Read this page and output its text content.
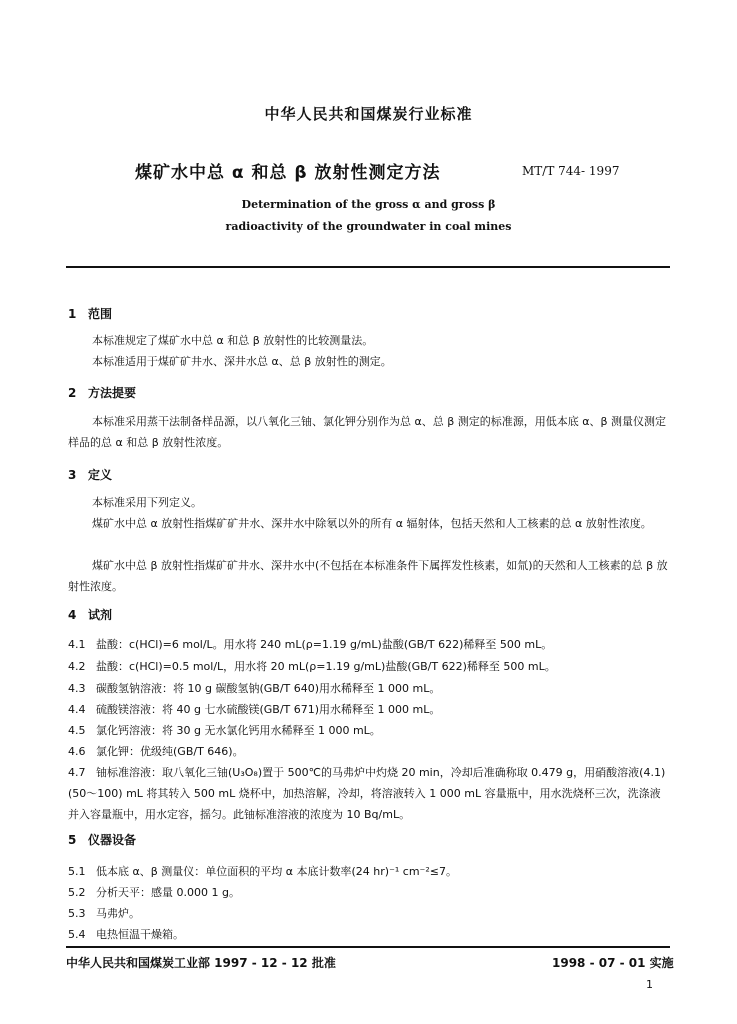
中华人民共和国煤炭行业标准
煤矿水中总 α 和总 β 放射性测定方法	MT/T 744- 1997
Determination of the gross α and gross β
radioactivity of the groundwater in coal mines
1 范围
本标准规定了煤矿水中总 α 和总 β 放射性的比较测量法。
本标准适用于煤矿矿井水、深井水总 α、总 β 放射性的测定。
2 方法提要
本标准采用蒸干法制备样品源，以八氧化三铀、氯化钾分别作为总 α、总 β 测定的标准源，用低本底 α、β 测量仪测定样品的总 α 和总 β 放射性浓度。
3 定义
本标准采用下列定义。
煤矿水中总 α 放射性指煤矿矿井水、深井水中除氡以外的所有 α 辐射体，包括天然和人工核素的总 α 放射性浓度。
煤矿水中总 β 放射性指煤矿矿井水、深井水中(不包括在本标准条件下属挥发性核素，如氚)的天然和人工核素的总 β 放射性浓度。
4 试剂
4.1 盐酸：c(HCl)=6 mol/L。用水将 240 mL(ρ=1.19 g/mL)盐酸(GB/T 622)稀释至 500 mL。
4.2 盐酸：c(HCl)=0.5 mol/L，用水将 20 mL(ρ=1.19 g/mL)盐酸(GB/T 622)稀释至 500 mL。
4.3 碳酸氢钠溶液：将 10 g 碳酸氢钠(GB/T 640)用水稀释至 1 000 mL。
4.4 硫酸镁溶液：将 40 g 七水硫酸镁(GB/T 671)用水稀释至 1 000 mL。
4.5 氯化钙溶液：将 30 g 无水氯化钙用水稀释至 1 000 mL。
4.6 氯化钾：优级纯(GB/T 646)。
4.7 铀标准溶液：取八氧化三铀(U₃O₈)置于 500℃的马弗炉中灼烧 20 min，冷却后准确称取 0.479 g，用硝酸溶液(4.1)(50～100) mL 将其转入 500 mL 烧杯中，加热溶解，冷却，将溶液转入 1 000 mL 容量瓶中，用水洗烧杯三次，洗涤液并入容量瓶中，用水定容，摇匀。此铀标准溶液的浓度为 10 Bq/mL。
5 仪器设备
5.1 低本底 α、β 测量仪：单位面积的平均 α 本底计数率(24 hr)⁻¹ cm⁻²≤7。
5.2 分析天平：感量 0.000 1 g。
5.3 马弗炉。
5.4 电热恒温干燥箱。
中华人民共和国煤炭工业部 1997 - 12 - 12 批准	1998 - 07 - 01 实施
1
